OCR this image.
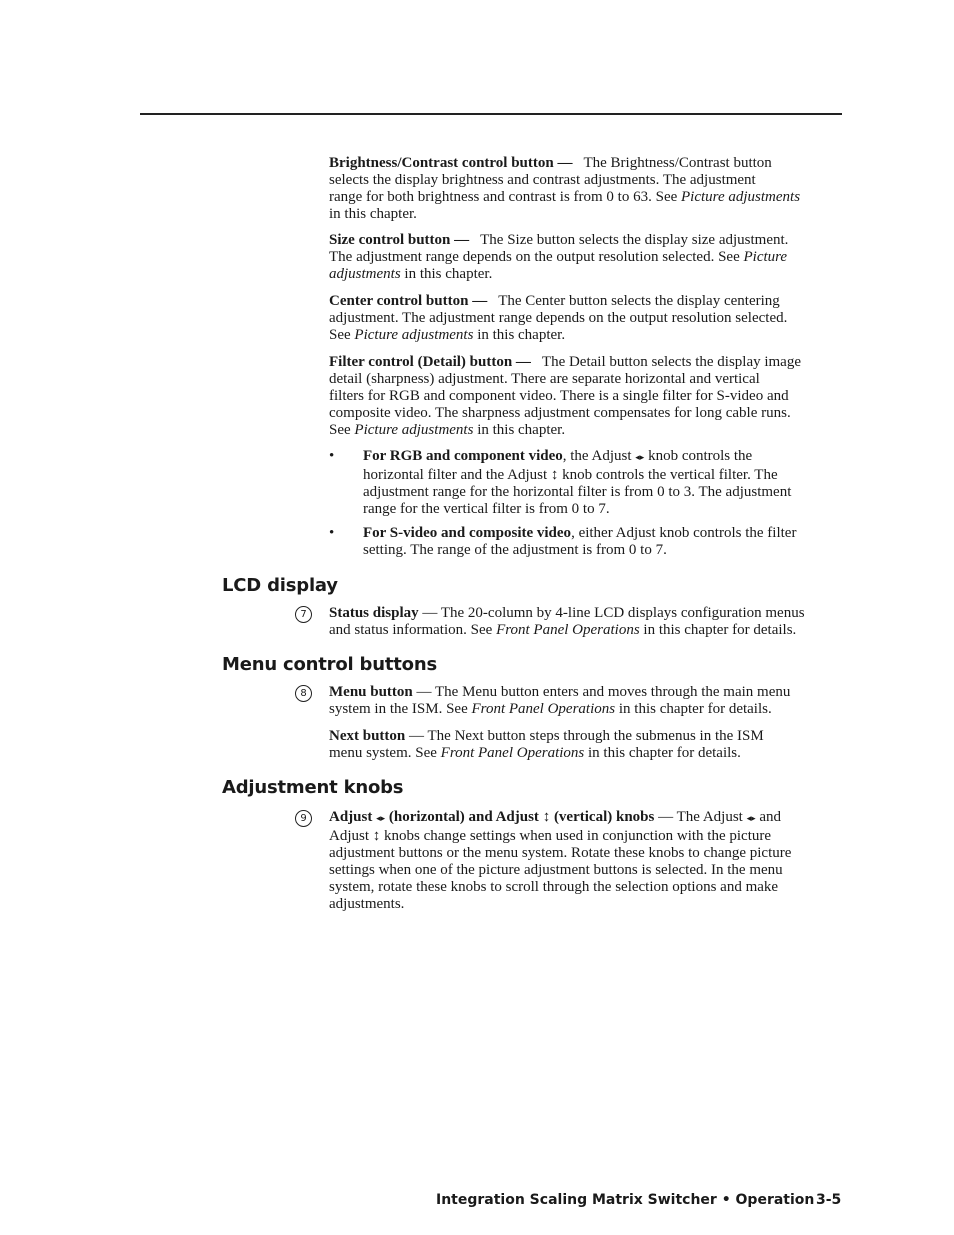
Brightness/Contrast control button — The Brightness/Contrast button

selects the display brightness and contrast adjustments. The adjustment

range for both brightness and contrast is from 0 to 63. See Picture adjustments

in this chapter.

Size control button — The Size button selects the display size adjustment.

The adjustment range depends on the output resolution selected. See Picture

adjustments in this chapter.

Center control button — The Center button selects the display centering

adjustment. The adjustment range depends on the output resolution selected.

See Picture adjustments in this chapter.

Filter control (Detail) button — The Detail button selects the display image

detail (sharpness) adjustment. There are separate horizontal and vertical

filters for RGB and component video. There is a single filter for S-video and

composite video. The sharpness adjustment compensates for long cable runs.

See Picture adjustments in this chapter.

• For RGB and component video, the Adjust ◂▸ knob controls the
horizontal filter and the Adjust ↕ knob controls the vertical filter. The
adjustment range for the horizontal filter is from 0 to 3. The adjustment
range for the vertical filter is from 0 to 7.
• For S-video and composite video, either Adjust knob controls the filter
setting. The range of the adjustment is from 0 to 7.
LCD display
7	Status display — The 20-column by 4-line LCD displays configuration menus

and status information. See Front Panel Operations in this chapter for details.

Menu control buttons
8	Menu button — The Menu button enters and moves through the main menu

system in the ISM. See Front Panel Operations in this chapter for details.

Next button — The Next button steps through the submenus in the ISM

menu system. See Front Panel Operations in this chapter for details.

Adjustment knobs
9	Adjust ◂▸ (horizontal) and Adjust ↕ (vertical) knobs — The Adjust ◂▸ and

Adjust ↕ knobs change settings when used in conjunction with the picture

adjustment buttons or the menu system. Rotate these knobs to change picture

settings when one of the picture adjustment buttons is selected. In the menu

system, rotate these knobs to scroll through the selection options and make

adjustments.

Integration Scaling Matrix Switcher • Operation 3-5
